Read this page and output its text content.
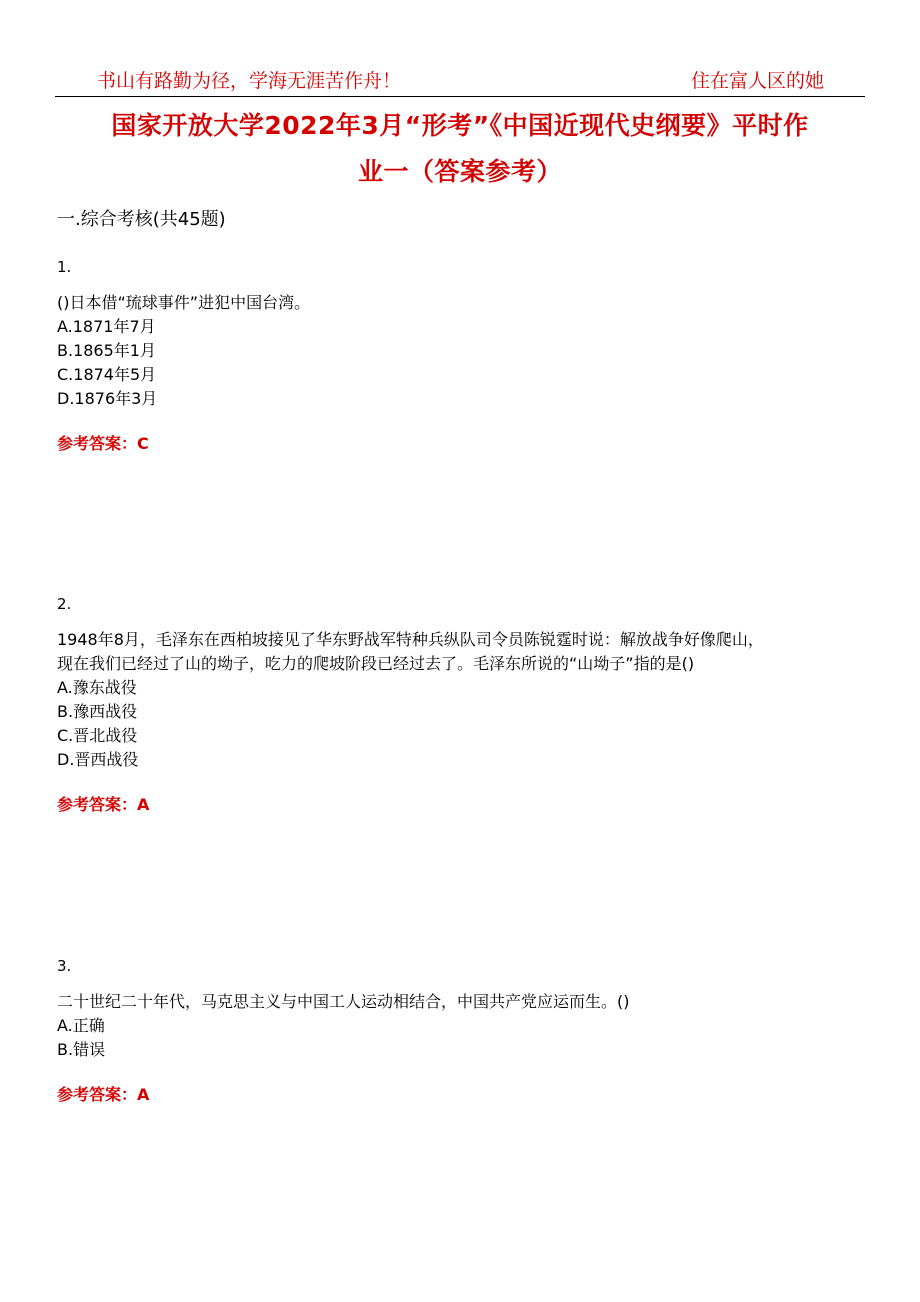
书山有路勤为径，学海无涯苦作舟！	住在富人区的她
国家开放大学2022年3月“形考”《中国近现代史纲要》平时作
业一（答案参考）
一.综合考核(共45题)
1.
()日本借“琉球事件”进犯中国台湾。
A.1871年7月
B.1865年1月
C.1874年5月
D.1876年3月
参考答案：C
2.
1948年8月，毛泽东在西柏坡接见了华东野战军特种兵纵队司令员陈锐霆时说：解放战争好像爬山，
现在我们已经过了山的坳子，吃力的爬坡阶段已经过去了。毛泽东所说的“山坳子”指的是()
A.豫东战役
B.豫西战役
C.晋北战役
D.晋西战役
参考答案：A
3.
二十世纪二十年代，马克思主义与中国工人运动相结合，中国共产党应运而生。()
A.正确
B.错误
参考答案：A
